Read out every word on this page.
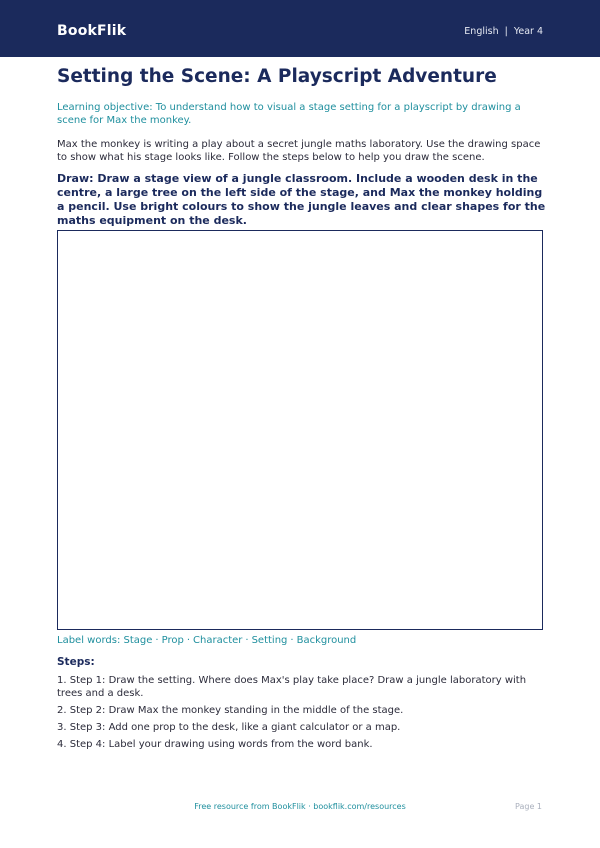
BookFlik	English | Year 4
Setting the Scene: A Playscript Adventure

Learning objective: To understand how to visual a stage setting for a playscript by drawing a scene for Max the monkey.

Max the monkey is writing a play about a secret jungle maths laboratory. Use the drawing space to show what his stage looks like. Follow the steps below to help you draw the scene.

Draw: Draw a stage view of a jungle classroom. Include a wooden desk in the centre, a large tree on the left side of the stage, and Max the monkey holding a pencil. Use bright colours to show the jungle leaves and clear shapes for the maths equipment on the desk.

Label words: Stage · Prop · Character · Setting · Background

Steps:
1. Step 1: Draw the setting. Where does Max's play take place? Draw a jungle laboratory with trees and a desk.
2. Step 2: Draw Max the monkey standing in the middle of the stage.
3. Step 3: Add one prop to the desk, like a giant calculator or a map.
4. Step 4: Label your drawing using words from the word bank.
Free resource from BookFlik · bookflik.com/resources	Page 1
